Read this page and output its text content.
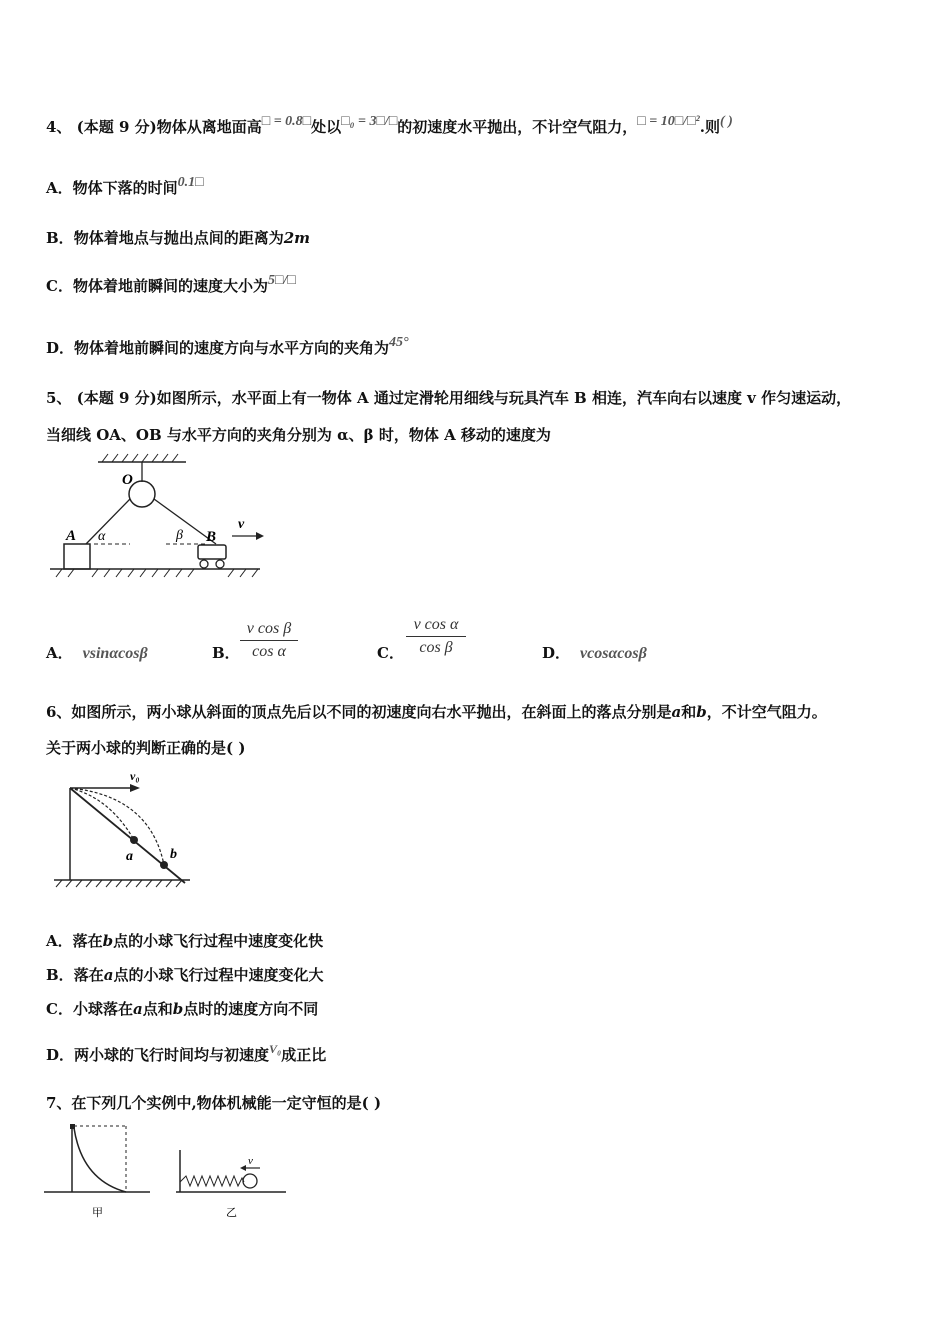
4、 (本题 9 分)物体从离地面高□ = 0.8□处以□₀ = 3□/□的初速度水平抛出，不计空气阻力，□ = 10□/□².则( )
A．物体下落的时间0.1□
B．物体着地点与抛出点间的距离为2m
C．物体着地前瞬间的速度大小为5□/□
D．物体着地前瞬间的速度方向与水平方向的夹角为45°
5、 (本题 9 分)如图所示，水平面上有一物体 A 通过定滑轮用细线与玩具汽车 B 相连，汽车向右以速度 v 作匀速运动，
当细线 OA、OB 与水平方向的夹角分别为 α、β 时，物体 A 移动的速度为
O
A α	β B
v
A． vsinαcosβ	B．
v cos β
cos α	C．
v cos α
cos β	D． vcosαcosβ
6、如图所示，两小球从斜面的顶点先后以不同的初速度向右水平抛出，在斜面上的落点分别是a和b，不计空气阻力。
关于两小球的判断正确的是( )
v₀
a	b
A．落在b点的小球飞行过程中速度变化快
B．落在a点的小球飞行过程中速度变化大
C．小球落在a点和b点时的速度方向不同
D．两小球的飞行时间均与初速度$^{V_0}$成正比
7、在下列几个实例中,物体机械能一定守恒的是( )
甲
v
乙
